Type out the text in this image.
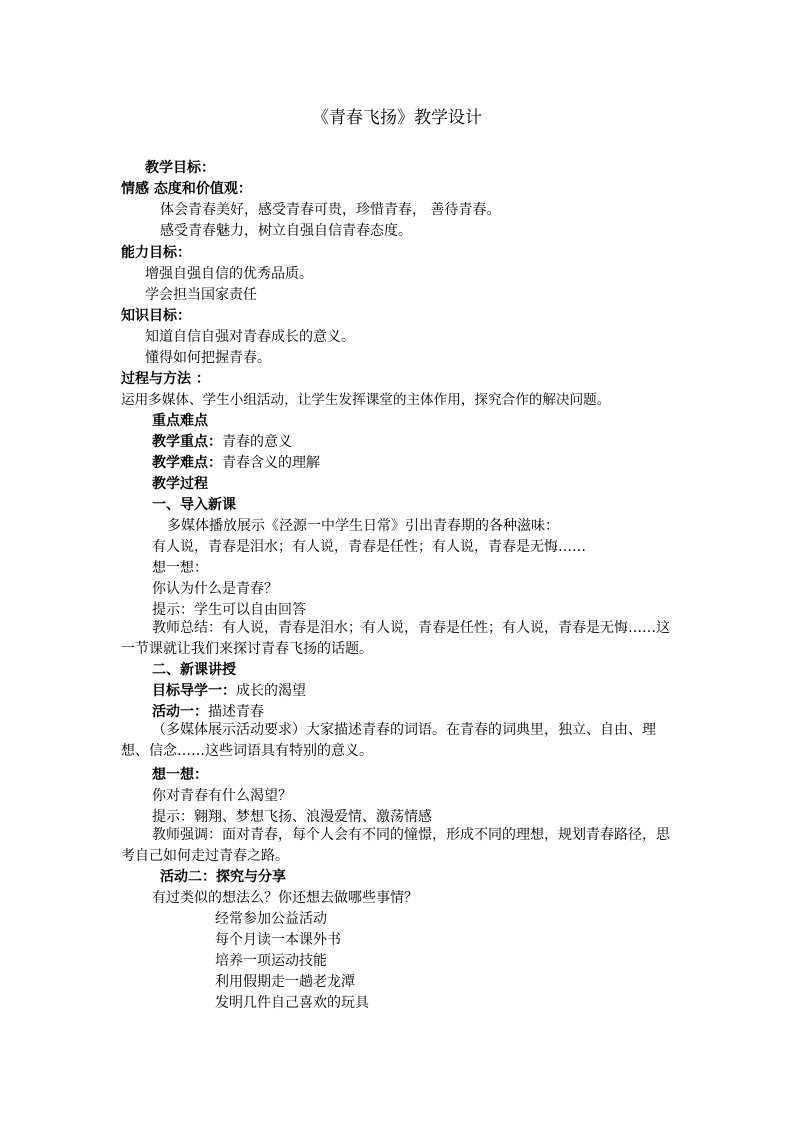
《青春飞扬》教学设计
教学目标：
情感 态度和价值观：
体会青春美好，感受青春可贵，珍惜青春， 善待青春。
感受青春魅力，树立自强自信青春态度。
能力目标：
增强自强自信的优秀品质。
学会担当国家责任
知识目标：
知道自信自强对青春成长的意义。
懂得如何把握青春。
过程与方法 ：
运用多媒体、学生小组活动，让学生发挥课堂的主体作用，探究合作的解决问题。
重点难点
教学重点：青春的意义
教学难点：青春含义的理解
教学过程
一、导入新课
多媒体播放展示《泾源一中学生日常》引出青春期的各种滋味：
有人说，青春是泪水；有人说，青春是任性；有人说，青春是无悔……
想一想：
你认为什么是青春？
提示：学生可以自由回答
教师总结：有人说，青春是泪水；有人说，青春是任性；有人说，青春是无悔……这一节课就让我们来探讨青春飞扬的话题。
二、新课讲授
目标导学一：成长的渴望
活动一：描述青春
（多媒体展示活动要求）大家描述青春的词语。在青春的词典里，独立、自由、理想、信念……这些词语具有特别的意义。
想一想：
你对青春有什么渴望？
提示：翱翔、梦想飞扬、浪漫爱情、激荡情感
教师强调：面对青春，每个人会有不同的憧憬，形成不同的理想，规划青春路径，思考自己如何走过青春之路。
活动二：探究与分享
有过类似的想法么？你还想去做哪些事情？
经常参加公益活动
每个月读一本课外书
培养一项运动技能
利用假期走一趟老龙潭
发明几件自己喜欢的玩具
